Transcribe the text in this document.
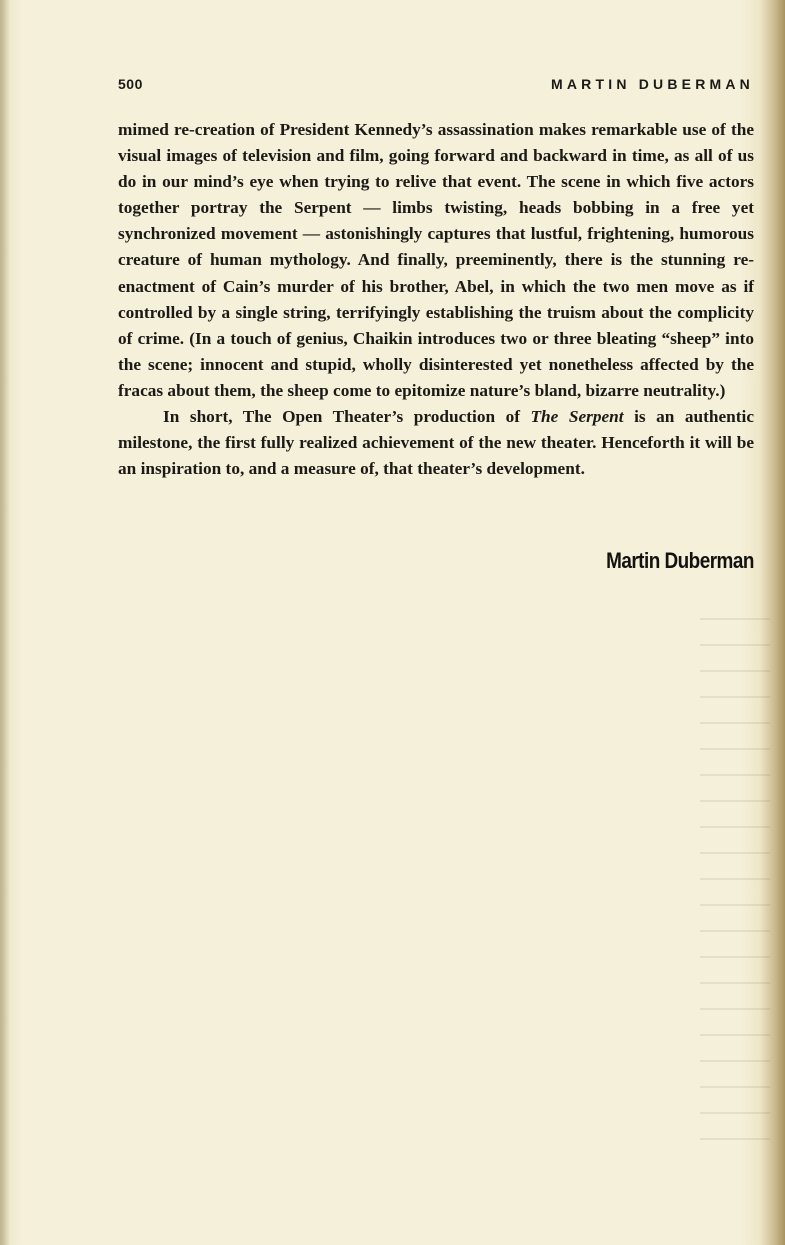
500	MARTIN DUBERMAN

mimed re-creation of President Kennedy’s assassination makes remarkable use of the visual images of television and film, going forward and backward in time, as all of us do in our mind’s eye when trying to relive that event. The scene in which five actors together portray the Serpent — limbs twisting, heads bobbing in a free yet synchronized movement — astonishingly captures that lustful, frightening, humorous creature of human mythology. And finally, preeminently, there is the stunning re-enactment of Cain’s murder of his brother, Abel, in which the two men move as if controlled by a single string, terrifyingly establishing the truism about the complicity of crime. (In a touch of genius, Chaikin introduces two or three bleating “sheep” into the scene; innocent and stupid, wholly disinterested yet nonetheless affected by the fracas about them, the sheep come to epitomize nature’s bland, bizarre neutrality.)

In short, The Open Theater’s production of The Serpent is an authentic milestone, the first fully realized achievement of the new theater. Henceforth it will be an inspiration to, and a measure of, that theater’s development.

Martin Duberman
